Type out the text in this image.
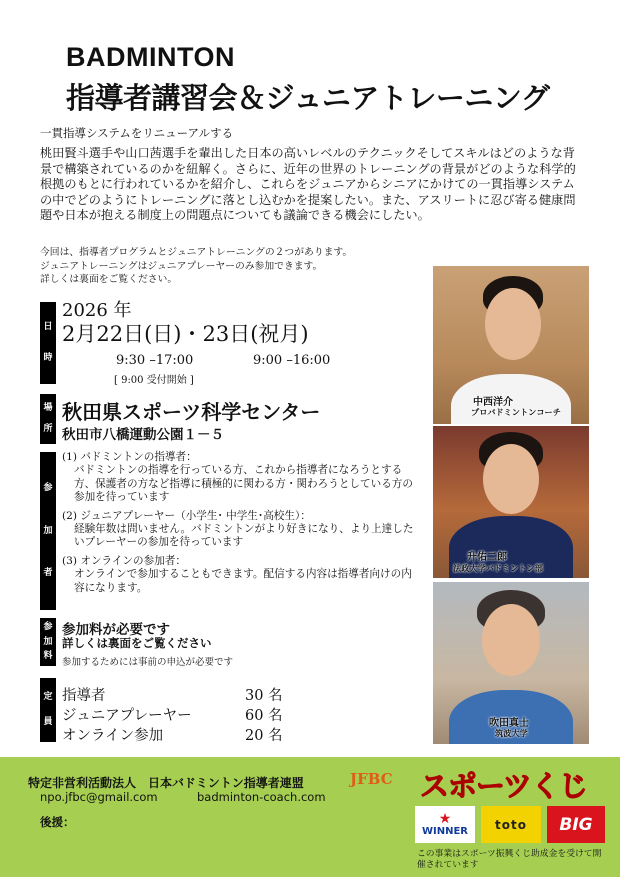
BADMINTON
指導者講習会＆ジュニアトレーニング
一貫指導システムをリニューアルする
桃田賢斗選手や山口茜選手を輩出した日本の高いレベルのテクニックそしてスキルはどのような背景で構築されているのかを紐解く。さらに、近年の世界のトレーニングの背景がどのような科学的根拠のもとに行われているかを紹介し、これらをジュニアからシニアにかけての一貫指導システムの中でどのようにトレーニングに落とし込むかを提案したい。また、アスリートに忍び寄る健康問題や日本が抱える制度上の問題点についても議論できる機会にしたい。
今回は、指導者プログラムとジュニアトレーニングの２つがあります。
ジュニアトレーニングはジュニアプレーヤーのみ参加できます。
詳しくは裏面をご覧ください。
日
時
場
所
参
加
者
参
加
料
定
員
2026 年
2月22日(日)・23日(祝月)
9:30 –17:00	9:00 –16:00
[ 9:00 受付開始 ]
秋田県スポーツ科学センター
秋田市八橋運動公園１－５
(1) バドミントンの指導者：
バドミントンの指導を行っている方、これから指導者になろうとする方、保護者の方など指導に積極的に関わる方・関わろうとしている方の参加を待っています
(2) ジュニアプレーヤー（小学生･ 中学生･高校生）：
経験年数は問いません。バドミントンがより好きになり、より上達したいプレーヤーの参加を待っています
(3) オンラインの参加者：
オンラインで参加することもできます。配信する内容は指導者向けの内容になります。
参加料が必要です
詳しくは裏面をご覧ください
参加するためには事前の申込が必要です
指導者	30 名
ジュニアプレーヤー	60 名
オンライン参加	20 名
中西洋介
プロバドミントンコーチ
升佑二郎
法政大学バドミントン部
吹田真士
筑波大学
特定非営利活動法人　日本バドミントン指導者連盟	JFBC
npo.jfbc@gmail.com	badminton-coach.com
後援：
スポーツくじ
★
WINNER	toto	BIG
この事業はスポーツ振興くじ助成金を受けて開催されています
